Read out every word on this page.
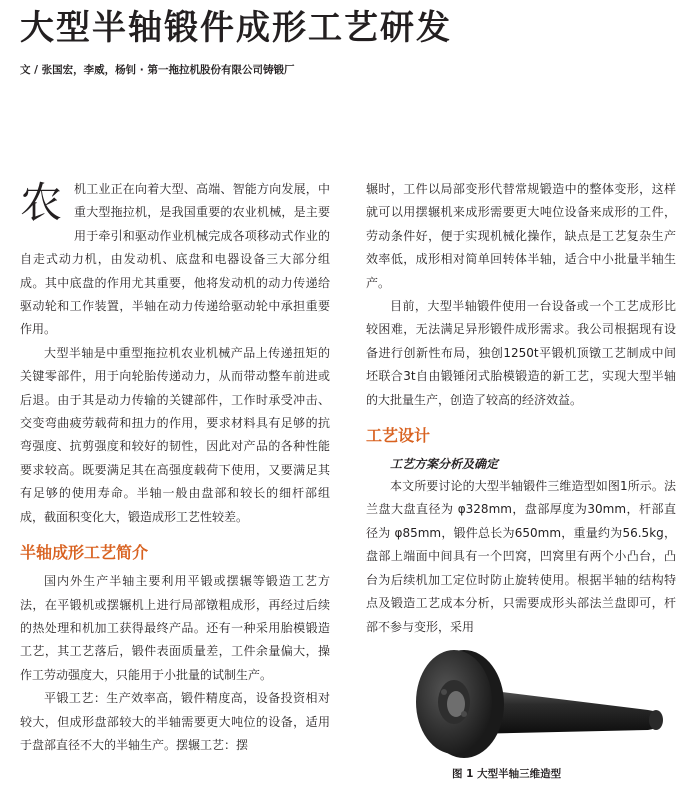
大型半轴锻件成形工艺研发
文 / 张国宏，李威，杨钊 · 第一拖拉机股份有限公司铸锻厂
农 机工业正在向着大型、高端、智能方向发展，中重大型拖拉机，是我国重要的农业机械，是主要用于牵引和驱动作业机械完成各项移动式作业的自走式动力机，由发动机、底盘和电器设备三大部分组成。其中底盘的作用尤其重要，他将发动机的动力传递给驱动轮和工作装置，半轴在动力传递给驱动轮中承担重要作用。

大型半轴是中重型拖拉机农业机械产品上传递扭矩的关键零部件，用于向轮胎传递动力，从而带动整车前进或后退。由于其是动力传输的关键部件，工作时承受冲击、交变弯曲疲劳载荷和扭力的作用，要求材料具有足够的抗弯强度、抗剪强度和较好的韧性，因此对产品的各种性能要求较高。既要满足其在高强度载荷下使用，又要满足其有足够的使用寿命。半轴一般由盘部和较长的细杆部组成，截面积变化大，锻造成形工艺性较差。

半轴成形工艺简介

国内外生产半轴主要利用平锻或摆辗等锻造工艺方法，在平锻机或摆辗机上进行局部镦粗成形，再经过后续的热处理和机加工获得最终产品。还有一种采用胎模锻造工艺，其工艺落后，锻件表面质量差，工件余量偏大，操作工劳动强度大，只能用于小批量的试制生产。

平锻工艺：生产效率高，锻件精度高，设备投资相对较大，但成形盘部较大的半轴需要更大吨位的设备，适用于盘部直径不大的半轴生产。摆辗工艺：摆

辗时，工件以局部变形代替常规锻造中的整体变形，这样就可以用摆辗机来成形需要更大吨位设备来成形的工件，劳动条件好，便于实现机械化操作，缺点是工艺复杂生产效率低，成形相对简单回转体半轴，适合中小批量半轴生产。

目前，大型半轴锻件使用一台设备或一个工艺成形比较困难，无法满足异形锻件成形需求。我公司根据现有设备进行创新性布局，独创1250t平锻机顶镦工艺制成中间坯联合3t自由锻锤闭式胎模锻造的新工艺，实现大型半轴的大批量生产，创造了较高的经济效益。

工艺设计
工艺方案分析及确定

本文所要讨论的大型半轴锻件三维造型如图1所示。法兰盘大盘直径为 φ328mm，盘部厚度为30mm，杆部直径为 φ85mm，锻件总长为650mm，重量约为56.5kg，盘部上端面中间具有一个凹窝，凹窝里有两个小凸台，凸台为后续机加工定位时防止旋转使用。根据半轴的结构特点及锻造工艺成本分析，只需要成形头部法兰盘即可，杆部不参与变形，采用

图 1 大型半轴三维造型
